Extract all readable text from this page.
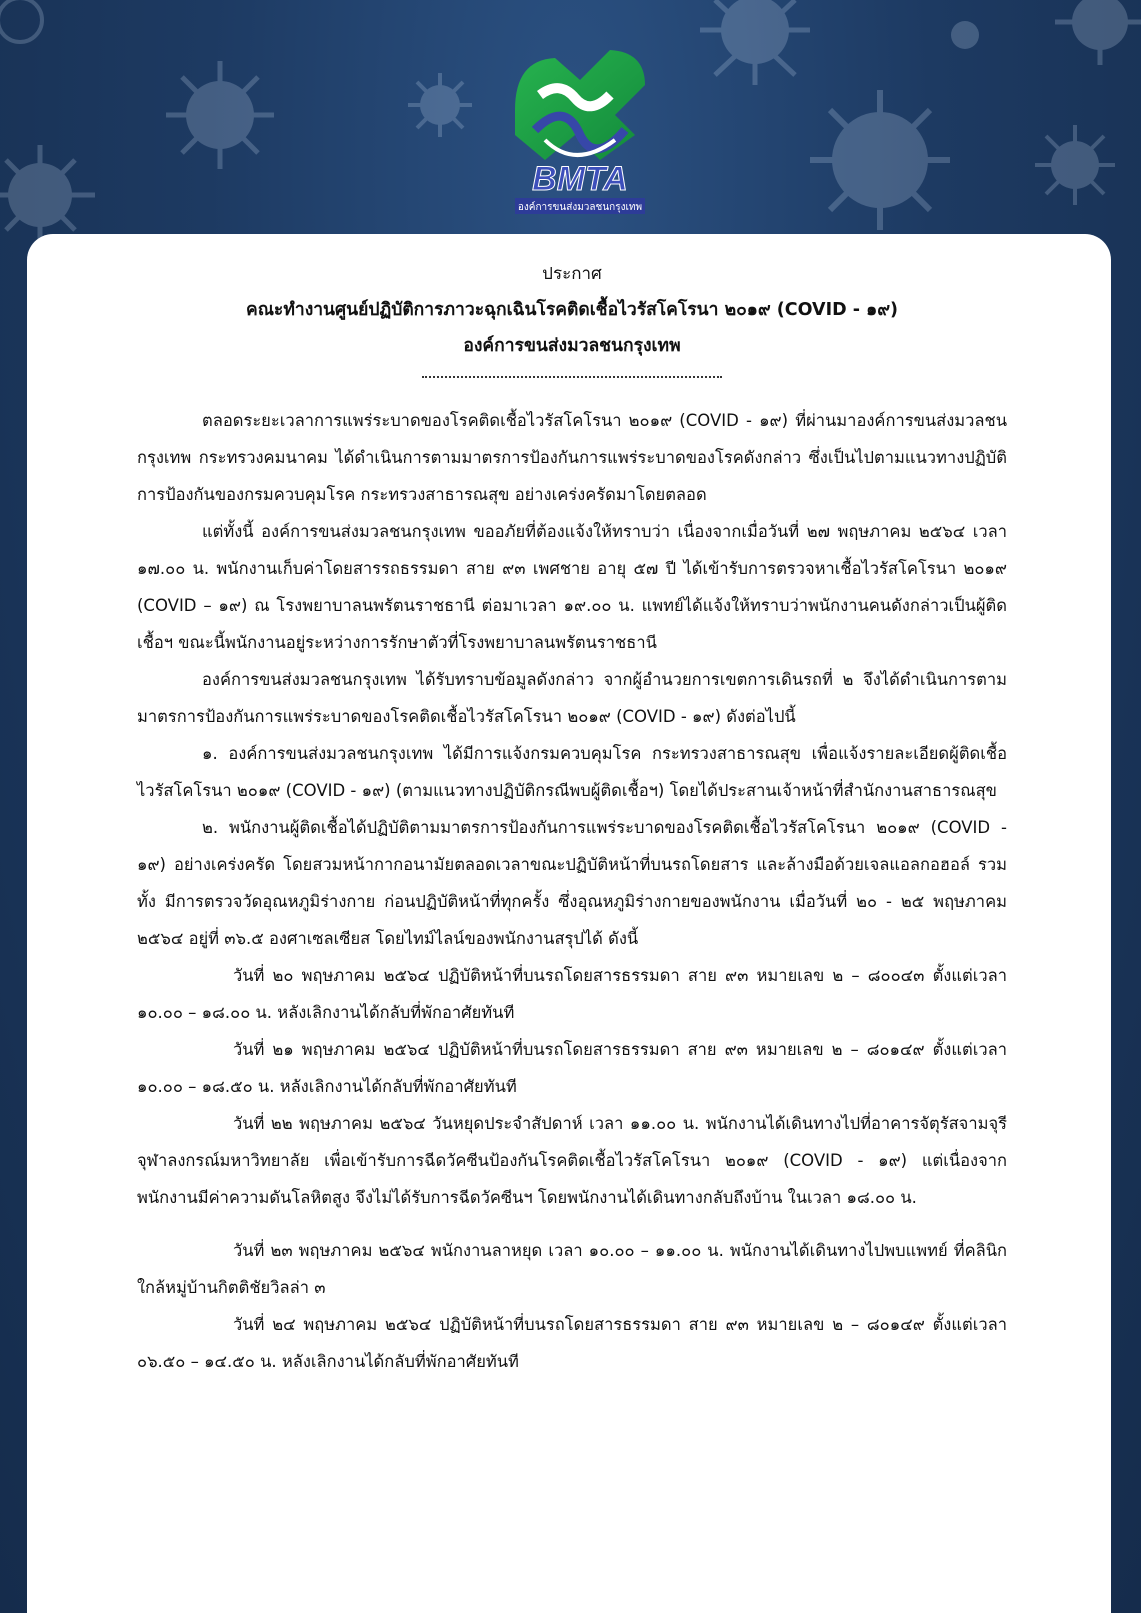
BMTA
องค์การขนส่งมวลชนกรุงเทพ
ประกาศ
คณะทำงานศูนย์ปฏิบัติการภาวะฉุกเฉินโรคติดเชื้อไวรัสโคโรนา ๒๐๑๙ (COVID - ๑๙)
องค์การขนส่งมวลชนกรุงเทพ

ตลอดระยะเวลาการแพร่ระบาดของโรคติดเชื้อไวรัสโคโรนา ๒๐๑๙ (COVID - ๑๙) ที่ผ่านมาองค์การขนส่งมวลชนกรุงเทพ กระทรวงคมนาคม ได้ดำเนินการตามมาตรการป้องกันการแพร่ระบาดของโรคดังกล่าว ซึ่งเป็นไปตามแนวทางปฏิบัติการป้องกันของกรมควบคุมโรค กระทรวงสาธารณสุข อย่างเคร่งครัดมาโดยตลอด

แต่ทั้งนี้ องค์การขนส่งมวลชนกรุงเทพ ขออภัยที่ต้องแจ้งให้ทราบว่า เนื่องจากเมื่อวันที่ ๒๗ พฤษภาคม ๒๕๖๔ เวลา ๑๗.๐๐ น. พนักงานเก็บค่าโดยสารรถธรรมดา สาย ๙๓ เพศชาย อายุ ๕๗ ปี ได้เข้ารับการตรวจหาเชื้อไวรัสโคโรนา ๒๐๑๙ (COVID – ๑๙) ณ โรงพยาบาลนพรัตนราชธานี ต่อมาเวลา ๑๙.๐๐ น. แพทย์ได้แจ้งให้ทราบว่าพนักงานคนดังกล่าวเป็นผู้ติดเชื้อฯ ขณะนี้พนักงานอยู่ระหว่างการรักษาตัวที่โรงพยาบาลนพรัตนราชธานี

องค์การขนส่งมวลชนกรุงเทพ ได้รับทราบข้อมูลดังกล่าว จากผู้อำนวยการเขตการเดินรถที่ ๒ จึงได้ดำเนินการตามมาตรการป้องกันการแพร่ระบาดของโรคติดเชื้อไวรัสโคโรนา ๒๐๑๙ (COVID - ๑๙) ดังต่อไปนี้

๑. องค์การขนส่งมวลชนกรุงเทพ ได้มีการแจ้งกรมควบคุมโรค กระทรวงสาธารณสุข เพื่อแจ้งรายละเอียดผู้ติดเชื้อไวรัสโคโรนา ๒๐๑๙ (COVID - ๑๙) (ตามแนวทางปฏิบัติกรณีพบผู้ติดเชื้อฯ) โดยได้ประสานเจ้าหน้าที่สำนักงานสาธารณสุข

๒. พนักงานผู้ติดเชื้อได้ปฏิบัติตามมาตรการป้องกันการแพร่ระบาดของโรคติดเชื้อไวรัสโคโรนา ๒๐๑๙ (COVID - ๑๙) อย่างเคร่งครัด โดยสวมหน้ากากอนามัยตลอดเวลาขณะปฏิบัติหน้าที่บนรถโดยสาร และล้างมือด้วยเจลแอลกอฮอล์ รวมทั้ง มีการตรวจวัดอุณหภูมิร่างกาย ก่อนปฏิบัติหน้าที่ทุกครั้ง ซึ่งอุณหภูมิร่างกายของพนักงาน เมื่อวันที่ ๒๐ - ๒๕ พฤษภาคม ๒๕๖๔ อยู่ที่ ๓๖.๕ องศาเซลเซียส โดยไทม์ไลน์ของพนักงานสรุปได้ ดังนี้

วันที่ ๒๐ พฤษภาคม ๒๕๖๔ ปฏิบัติหน้าที่บนรถโดยสารธรรมดา สาย ๙๓ หมายเลข ๒ – ๘๐๐๔๓ ตั้งแต่เวลา ๑๐.๐๐ – ๑๘.๐๐ น. หลังเลิกงานได้กลับที่พักอาศัยทันที

วันที่ ๒๑ พฤษภาคม ๒๕๖๔ ปฏิบัติหน้าที่บนรถโดยสารธรรมดา สาย ๙๓ หมายเลข ๒ – ๘๐๑๔๙ ตั้งแต่เวลา ๑๐.๐๐ – ๑๘.๕๐ น. หลังเลิกงานได้กลับที่พักอาศัยทันที

วันที่ ๒๒ พฤษภาคม ๒๕๖๔ วันหยุดประจำสัปดาห์ เวลา ๑๑.๐๐ น. พนักงานได้เดินทางไปที่อาคารจัตุรัสจามจุรี จุฬาลงกรณ์มหาวิทยาลัย เพื่อเข้ารับการฉีดวัคซีนป้องกันโรคติดเชื้อไวรัสโคโรนา ๒๐๑๙ (COVID - ๑๙) แต่เนื่องจากพนักงานมีค่าความดันโลหิตสูง จึงไม่ได้รับการฉีดวัคซีนฯ โดยพนักงานได้เดินทางกลับถึงบ้าน ในเวลา ๑๘.๐๐ น.

วันที่ ๒๓ พฤษภาคม ๒๕๖๔ พนักงานลาหยุด เวลา ๑๐.๐๐ – ๑๑.๐๐ น. พนักงานได้เดินทางไปพบแพทย์ ที่คลินิกใกล้หมู่บ้านกิตติชัยวิลล่า ๓

วันที่ ๒๔ พฤษภาคม ๒๕๖๔ ปฏิบัติหน้าที่บนรถโดยสารธรรมดา สาย ๙๓ หมายเลข ๒ – ๘๐๑๔๙ ตั้งแต่เวลา ๐๖.๕๐ – ๑๔.๕๐ น. หลังเลิกงานได้กลับที่พักอาศัยทันที
